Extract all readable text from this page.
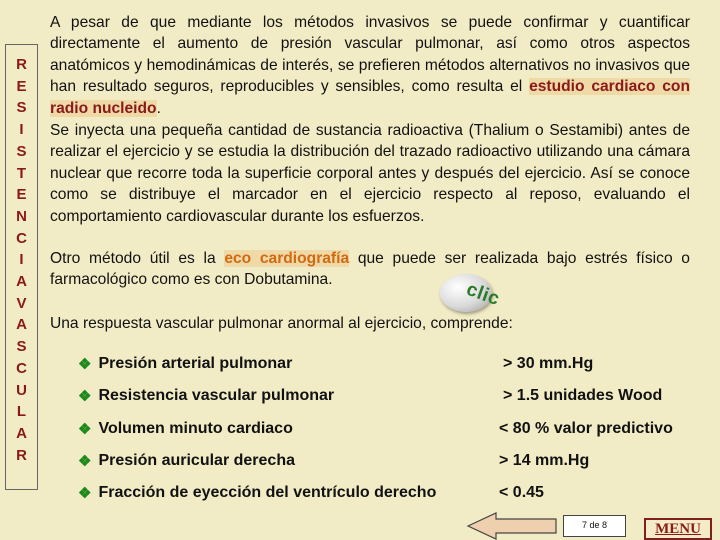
R
E
S
I
S
T
E
N
C
I
A
V
A
S
C
U
L
A
R

A pesar de que mediante los métodos invasivos se puede confirmar y cuantificar directamente el aumento de presión vascular pulmonar, así como otros aspectos anatómicos y hemodinámicas de interés, se prefieren métodos alternativos no invasivos que han resultado seguros, reproducibles y sensibles, como resulta el estudio cardiaco con radio nucleido.

Se inyecta una pequeña cantidad de sustancia radioactiva (Thalium o Sestamibi) antes de realizar el ejercicio y se estudia la distribución del trazado radioactivo utilizando una cámara nuclear que recorre toda la superficie corporal antes y después del ejercicio. Así se conoce como se distribuye el marcador en el ejercicio respecto al reposo, evaluando el comportamiento cardiovascular durante los esfuerzos.

Otro método útil es la eco cardiografía que puede ser realizada bajo estrés físico o farmacológico como es con Dobutamina.	clic

Una respuesta vascular pulmonar anormal al ejercicio, comprende:

❖ Presión arterial pulmonar	> 30 mm.Hg
❖ Resistencia vascular pulmonar	> 1.5 unidades Wood
❖ Volumen minuto cardiaco	< 80 % valor predictivo
❖ Presión auricular derecha	> 14 mm.Hg
❖ Fracción de eyección del ventrículo derecho	< 0.45
7 de 8	MENU
